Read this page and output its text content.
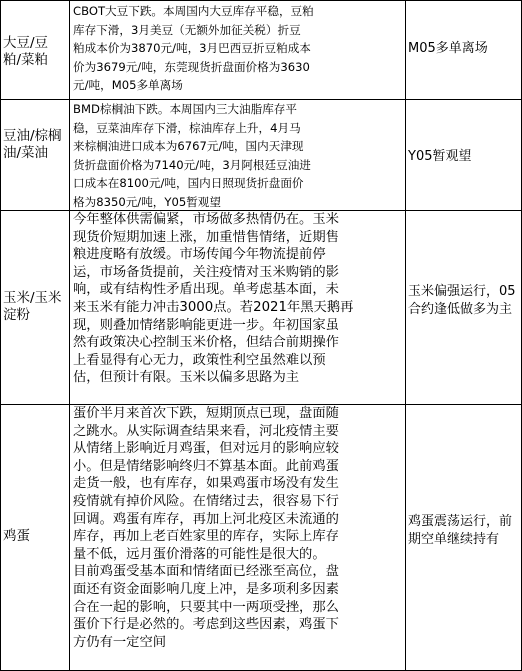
大豆/豆粕/菜粕
CBOT大豆下跌。本周国内大豆库存平稳，豆粕
库存下滑，3月美豆（无额外加征关税）折豆
粕成本价为3870元/吨，3月巴西豆折豆粕成本
价为3679元/吨，东莞现货折盘面价格为3630
元/吨，M05多单离场
M05多单离场
豆油/棕榈油/菜油
BMD棕榈油下跌。本周国内三大油脂库存平
稳，豆菜油库存下滑，棕油库存上升，4月马
来棕榈油进口成本为6767元/吨，国内天津现
货折盘面价格为7140元/吨，3月阿根廷豆油进
口成本在8100元/吨，国内日照现货折盘面价
格为8350元/吨，Y05暂观望
Y05暂观望
玉米/玉米淀粉
今年整体供需偏紧，市场做多热情仍在。玉米
现货价短期加速上涨，加重惜售情绪，近期售
粮进度略有放缓。市场传闻今年物流提前停
运，市场备货提前，关注疫情对玉米购销的影
响，或有结构性矛盾出现。单考虑基本面，未
来玉米有能力冲击3000点。若2021年黑天鹅再
现，则叠加情绪影响能更进一步。年初国家虽
然有政策决心控制玉米价格，但结合前期操作
上看显得有心无力，政策性利空虽然难以预
估，但预计有限。玉米以偏多思路为主
玉米偏强运行，05合约逢低做多为主
鸡蛋
蛋价半月来首次下跌，短期顶点已现，盘面随
之跳水。从实际调查结果来看，河北疫情主要
从情绪上影响近月鸡蛋，但对远月的影响应较
小。但是情绪影响终归不算基本面。此前鸡蛋
走货一般，也有库存，如果鸡蛋市场没有发生
疫情就有掉价风险。在情绪过去，很容易下行
回调。鸡蛋有库存，再加上河北疫区未流通的
库存，再加上老百姓家里的库存，实际上库存
量不低，远月蛋价滑落的可能性是很大的。
目前鸡蛋受基本面和情绪面已经涨至高位，盘
面还有资金面影响几度上冲，是多项利多因素
合在一起的影响，只要其中一两项受挫，那么
蛋价下行是必然的。考虑到这些因素，鸡蛋下
方仍有一定空间
鸡蛋震荡运行，前期空单继续持有
